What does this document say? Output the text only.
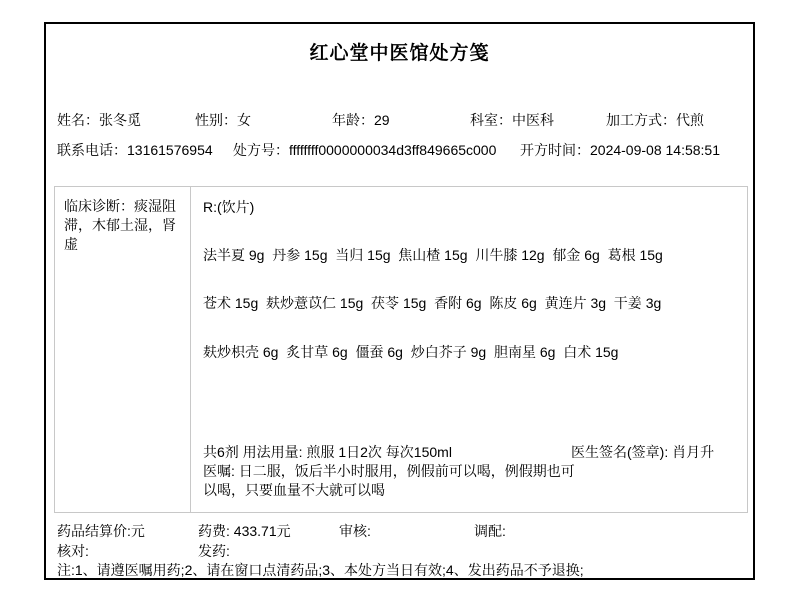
红心堂中医馆处方笺
姓名：张冬觅	性别：女	年龄：29	科室：中医科	加工方式：代煎
联系电话：13161576954 处方号：ffffffff0000000034d3ff849665c000 开方时间：2024-09-08 14:58:51
临床诊断：痰湿阻滞，木郁土湿，肾虚
R:(饮片)
法半夏 9g  丹参 15g  当归 15g  焦山楂 15g  川牛膝 12g  郁金 6g  葛根 15g
苍术 15g  麸炒薏苡仁 15g  茯苓 15g  香附 6g  陈皮 6g  黄连片 3g  干姜 3g
麸炒枳壳 6g  炙甘草 6g  僵蚕 6g  炒白芥子 9g  胆南星 6g  白术 15g
共6剂 用法用量: 煎服 1日2次 每次150ml
医嘱: 日二服，饭后半小时服用，例假前可以喝，例假期也可以喝，只要血量不大就可以喝
医生签名(签章): 肖月升
药品结算价:元	药费: 433.71元	审核:	调配:
核对:	发药:
注:1、请遵医嘱用药;2、请在窗口点清药品;3、本处方当日有效;4、发出药品不予退换;
